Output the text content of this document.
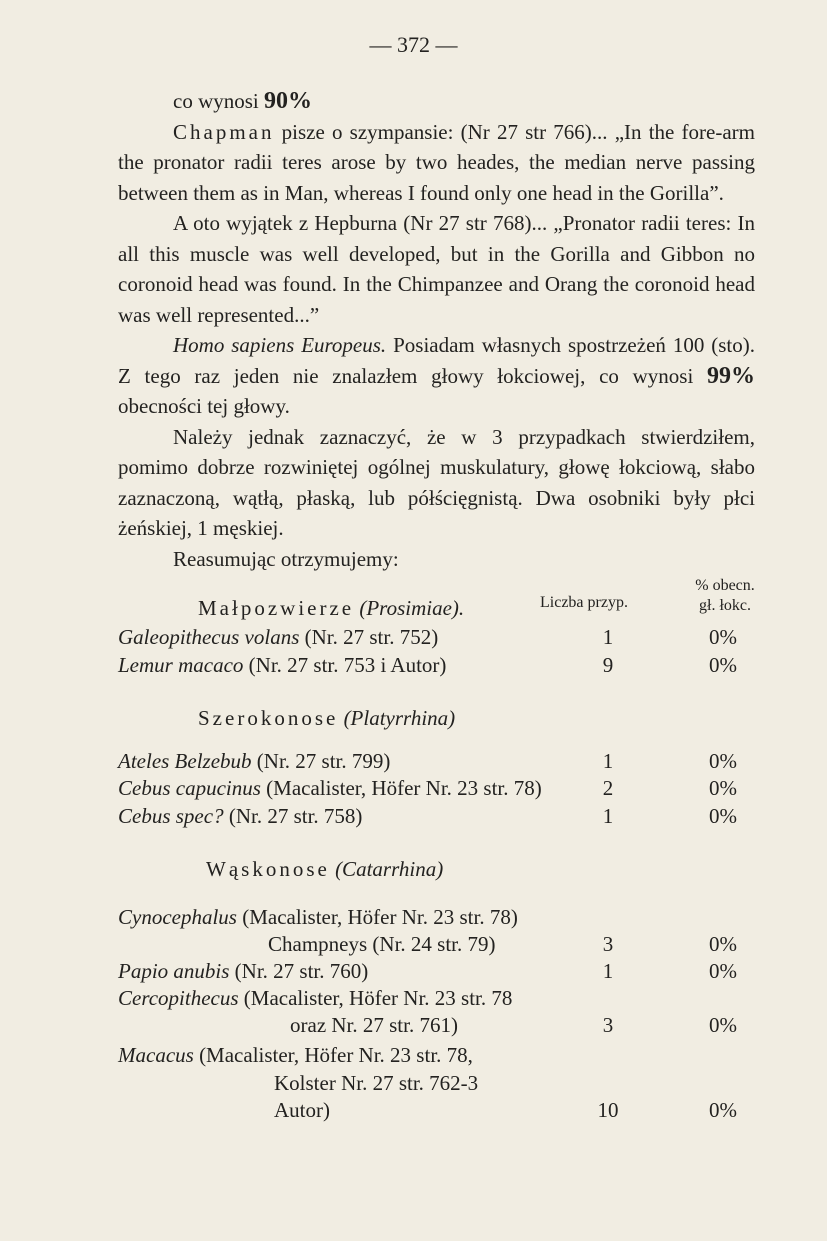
— 372 —

co wynosi 90%

Chapman pisze o szympansie: (Nr 27 str 766)... „In the fore-arm the pronator radii teres arose by two heades, the median nerve passing between them as in Man, whereas I found only one head in the Gorilla”.

A oto wyjątek z Hepburna (Nr 27 str 768)... „Pronator radii teres: In all this muscle was well developed, but in the Gorilla and Gibbon no coronoid head was found. In the Chimpanzee and Orang the coronoid head was well represented...”

Homo sapiens Europeus. Posiadam własnych spostrzeżeń 100 (sto). Z tego raz jeden nie znalazłem głowy łokciowej, co wynosi 99% obecności tej głowy.

Należy jednak zaznaczyć, że w 3 przypadkach stwierdziłem, pomimo dobrze rozwiniętej ogólnej muskulatury, głowę łokciową, słabo zaznaczoną, wątłą, płaską, lub półścięgnistą. Dwa osobniki były płci żeńskiej, 1 męskiej.

Reasumując otrzymujemy:

Liczba przyp.
% obecn.
gł. łokc.
Małpozwierze (Prosimiae).
Galeopithecus volans (Nr. 27 str. 752)	1	0%
Lemur macaco (Nr. 27 str. 753 i Autor)	9	0%
Szerokonose (Platyrrhina)
Ateles Belzebub (Nr. 27 str. 799)	1	0%
Cebus capucinus (Macalister, Höfer Nr. 23 str. 78)	2	0%
Cebus spec? (Nr. 27 str. 758)	1	0%
Wąskonose (Catarrhina)
Cynocephalus (Macalister, Höfer Nr. 23 str. 78)
Champneys (Nr. 24 str. 79)	3	0%
Papio anubis (Nr. 27 str. 760)	1	0%
Cercopithecus (Macalister, Höfer Nr. 23 str. 78
oraz Nr. 27 str. 761)	3	0%
Macacus (Macalister, Höfer Nr. 23 str. 78,
Kolster Nr. 27 str. 762-3
Autor)	10	0%
